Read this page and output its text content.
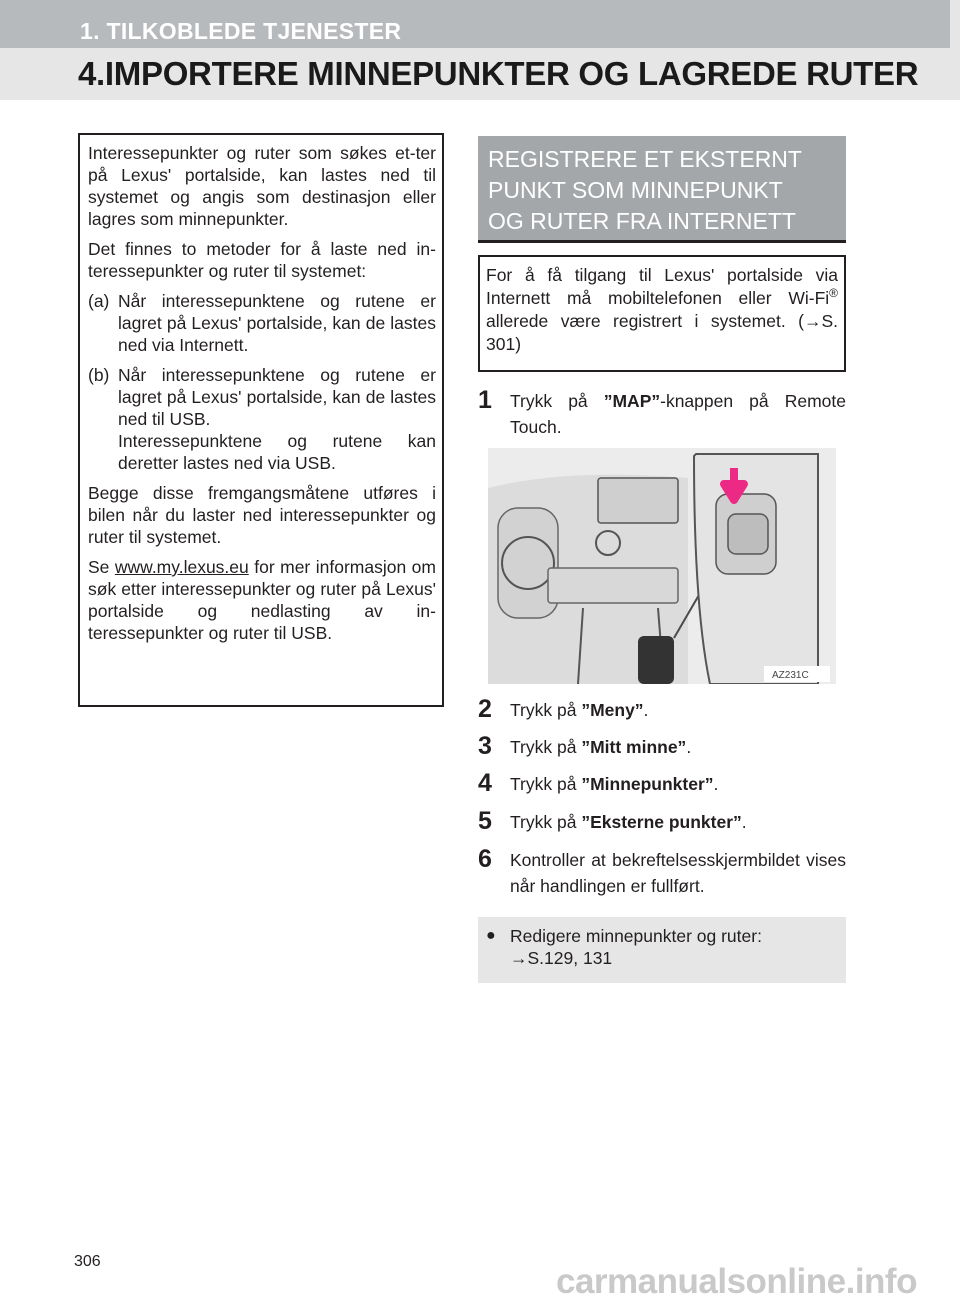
1. TILKOBLEDE TJENESTER
4.IMPORTERE MINNEPUNKTER OG LAGREDE RUTER

Interessepunkter og ruter som søkes et-ter på Lexus' portalside, kan lastes ned til systemet og angis som destinasjon eller lagres som minnepunkter.

Det finnes to metoder for å laste ned in-teressepunkter og ruter til systemet:

(a) Når interessepunktene og rutene er lagret på Lexus' portalside, kan de lastes ned via Internett.
(b) Når interessepunktene og rutene er lagret på Lexus' portalside, kan de lastes ned til USB.
Interessepunktene og rutene kan deretter lastes ned via USB.

Begge disse fremgangsmåtene utføres i bilen når du laster ned interessepunkter og ruter til systemet.

Se www.my.lexus.eu for mer informasjon om søk etter interessepunkter og ruter på Lexus' portalside og nedlasting av in-teressepunkter og ruter til USB.

REGISTRERE ET EKSTERNT
PUNKT SOM MINNEPUNKT
OG RUTER FRA INTERNETT
For å få tilgang til Lexus' portalside via Internett må mobiltelefonen eller Wi-Fi® allerede være registrert i systemet. (→S. 301)
1	Trykk på ”MAP”-knappen på Remote Touch.
AZ231C
2	Trykk på ”Meny”.
3	Trykk på ”Mitt minne”.
4	Trykk på ”Minnepunkter”.
5	Trykk på ”Eksterne punkter”.
6	Kontroller at bekreftelsesskjermbildet vises når handlingen er fullført.
● Redigere minnepunkter og ruter:
→S.129, 131
306
carmanualsonline.info
